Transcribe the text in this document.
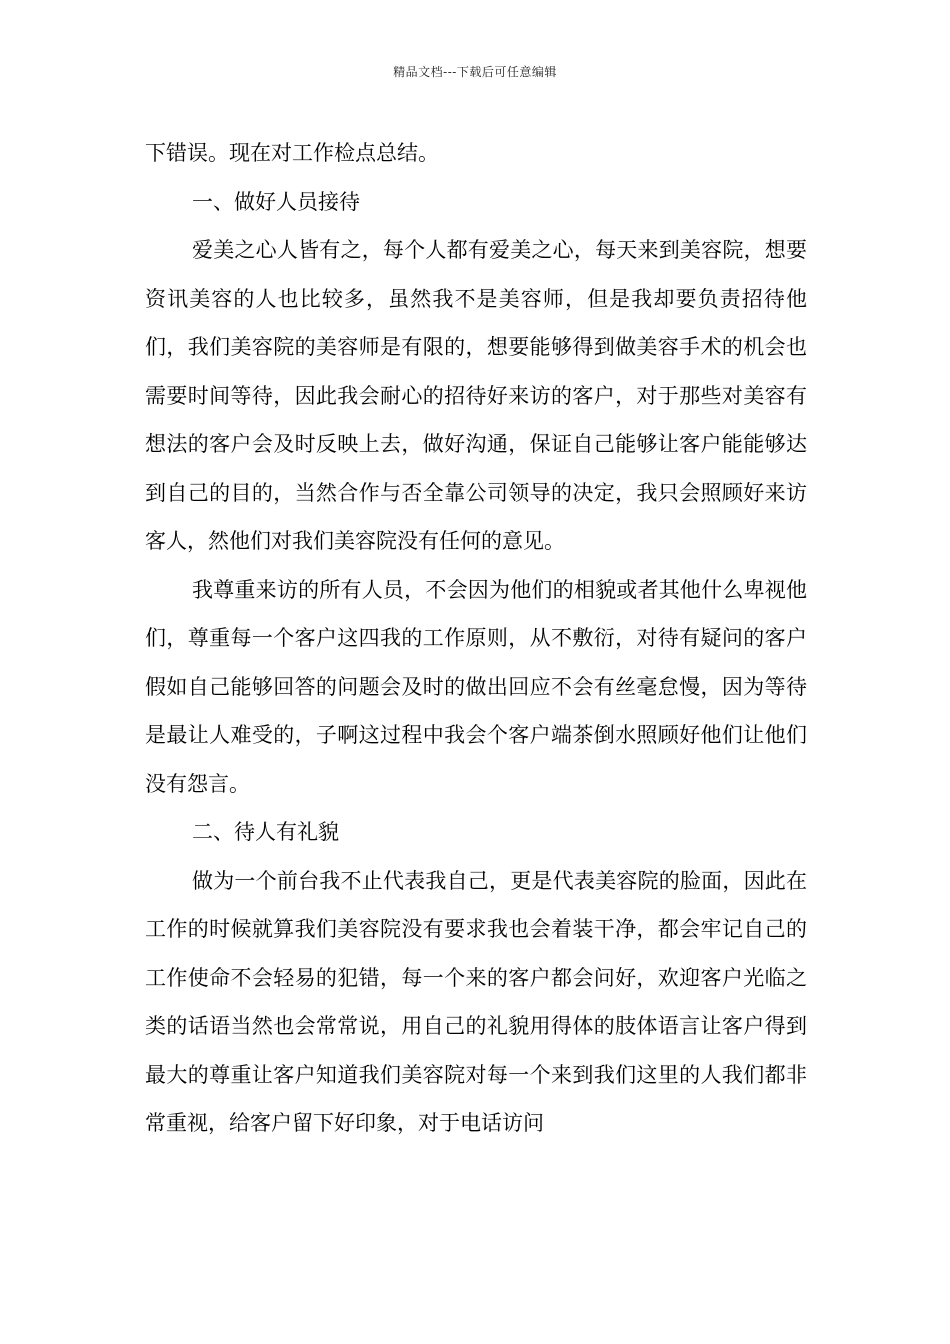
精品文档---下载后可任意编辑

下错误。现在对工作检点总结。

一、做好人员接待

爱美之心人皆有之，每个人都有爱美之心，每天来到美容院，想要资讯美容的人也比较多，虽然我不是美容师，但是我却要负责招待他们，我们美容院的美容师是有限的，想要能够得到做美容手术的机会也需要时间等待，因此我会耐心的招待好来访的客户，对于那些对美容有想法的客户会及时反映上去，做好沟通，保证自己能够让客户能能够达到自己的目的，当然合作与否全靠公司领导的决定，我只会照顾好来访客人，然他们对我们美容院没有任何的意见。

我尊重来访的所有人员，不会因为他们的相貌或者其他什么卑视他们，尊重每一个客户这四我的工作原则，从不敷衍，对待有疑问的客户假如自己能够回答的问题会及时的做出回应不会有丝毫怠慢，因为等待是最让人难受的，子啊这过程中我会个客户端茶倒水照顾好他们让他们没有怨言。

二、待人有礼貌

做为一个前台我不止代表我自己，更是代表美容院的脸面，因此在工作的时候就算我们美容院没有要求我也会着装干净，都会牢记自己的工作使命不会轻易的犯错，每一个来的客户都会问好，欢迎客户光临之类的话语当然也会常常说，用自己的礼貌用得体的肢体语言让客户得到最大的尊重让客户知道我们美容院对每一个来到我们这里的人我们都非常重视，给客户留下好印象，对于电话访问
